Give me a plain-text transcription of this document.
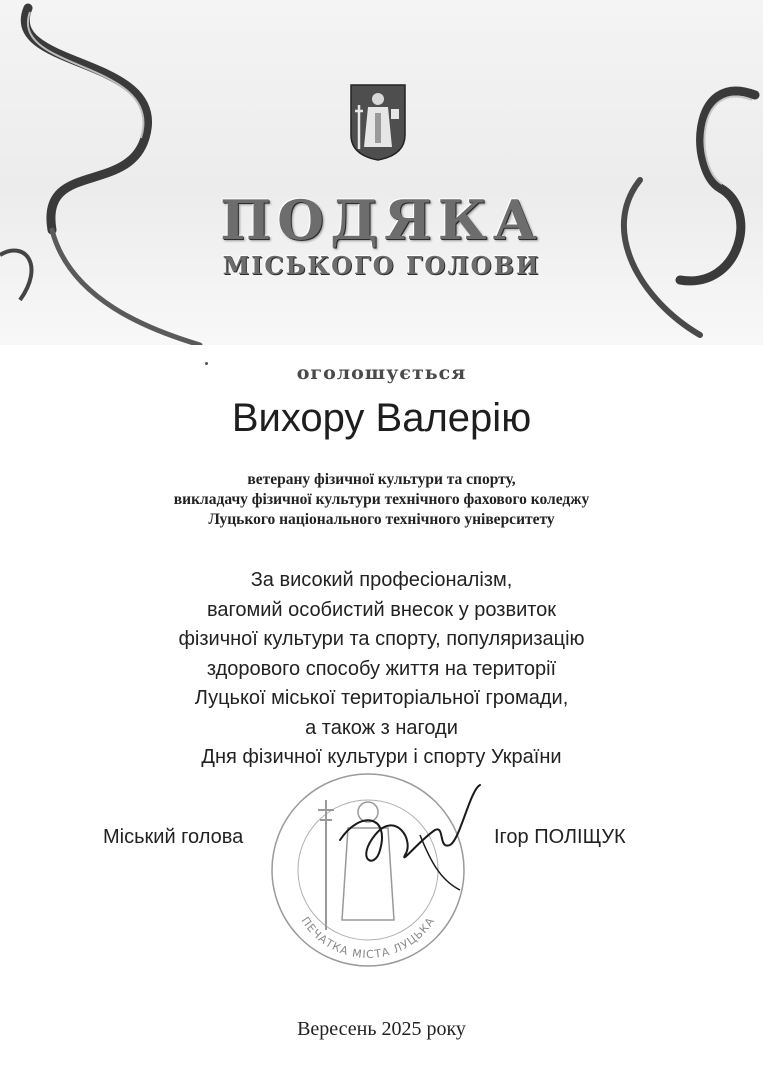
ПОДЯКА
МІСЬКОГО ГОЛОВИ
оголошується
Вихору Валерію
ветерану фізичної культури та спорту,
викладачу фізичної культури технічного фахового коледжу
Луцького національного технічного університету
За високий професіоналізм,
вагомий особистий внесок у розвиток
фізичної культури та спорту, популяризацію
здорового способу життя на території
Луцької міської територіальної громади,
а також з нагоди
Дня фізичної культури і спорту України
ПЕЧАТКА МІСТА ЛУЦЬКА
Міський голова	Ігор ПОЛІЩУК
Вересень 2025 року
